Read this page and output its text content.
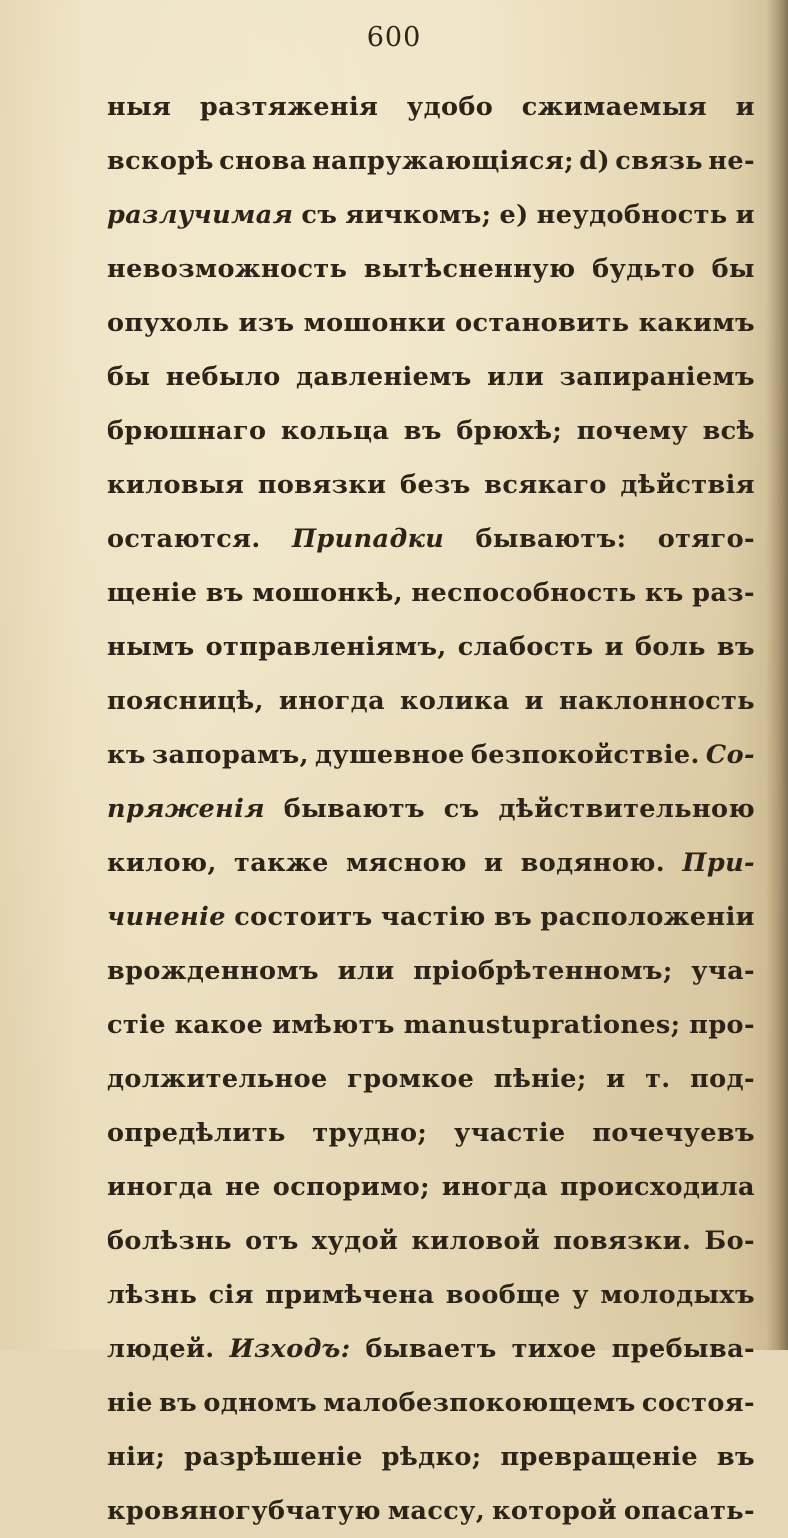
600
ныя разтяженія удобо сжимаемыя и
вскорѣ снова напружающіяся; d) связь не-
разлучимая съ яичкомъ; e) неудобность и
невозможность вытѣсненную будьто бы
опухоль изъ мошонки остановить какимъ
бы небыло давленіемъ или запираніемъ
брюшнаго кольца въ брюхѣ; почему всѣ
киловыя повязки безъ всякаго дѣйствія
остаются. Припадки бываютъ: отяго-
щеніе въ мошонкѣ, неспособность къ раз-
нымъ отправленіямъ, слабость и боль въ
поясницѣ, иногда колика и наклонность
къ запорамъ, душевное безпокойствіе. Со-
пряженія бываютъ съ дѣйствительною
килою, также мясною и водяною. При-
чиненіе состоитъ частію въ расположеніи
врожденномъ или пріобрѣтенномъ; уча-
стіе какое имѣютъ manustuprationes; про-
должительное громкое пѣніе; и т. под-
опредѣлить трудно; участіе почечуевъ
иногда не оспоримо; иногда происходила
болѣзнь отъ худой киловой повязки. Бо-
лѣзнь сія примѣчена вообще у молодыхъ
людей. Изходъ: бываетъ тихое пребыва-
ніе въ одномъ малобезпокоющемъ состоя-
ніи; разрѣшеніе рѣдко; превращеніе въ
кровяногубчатую массу, которой опасать-
